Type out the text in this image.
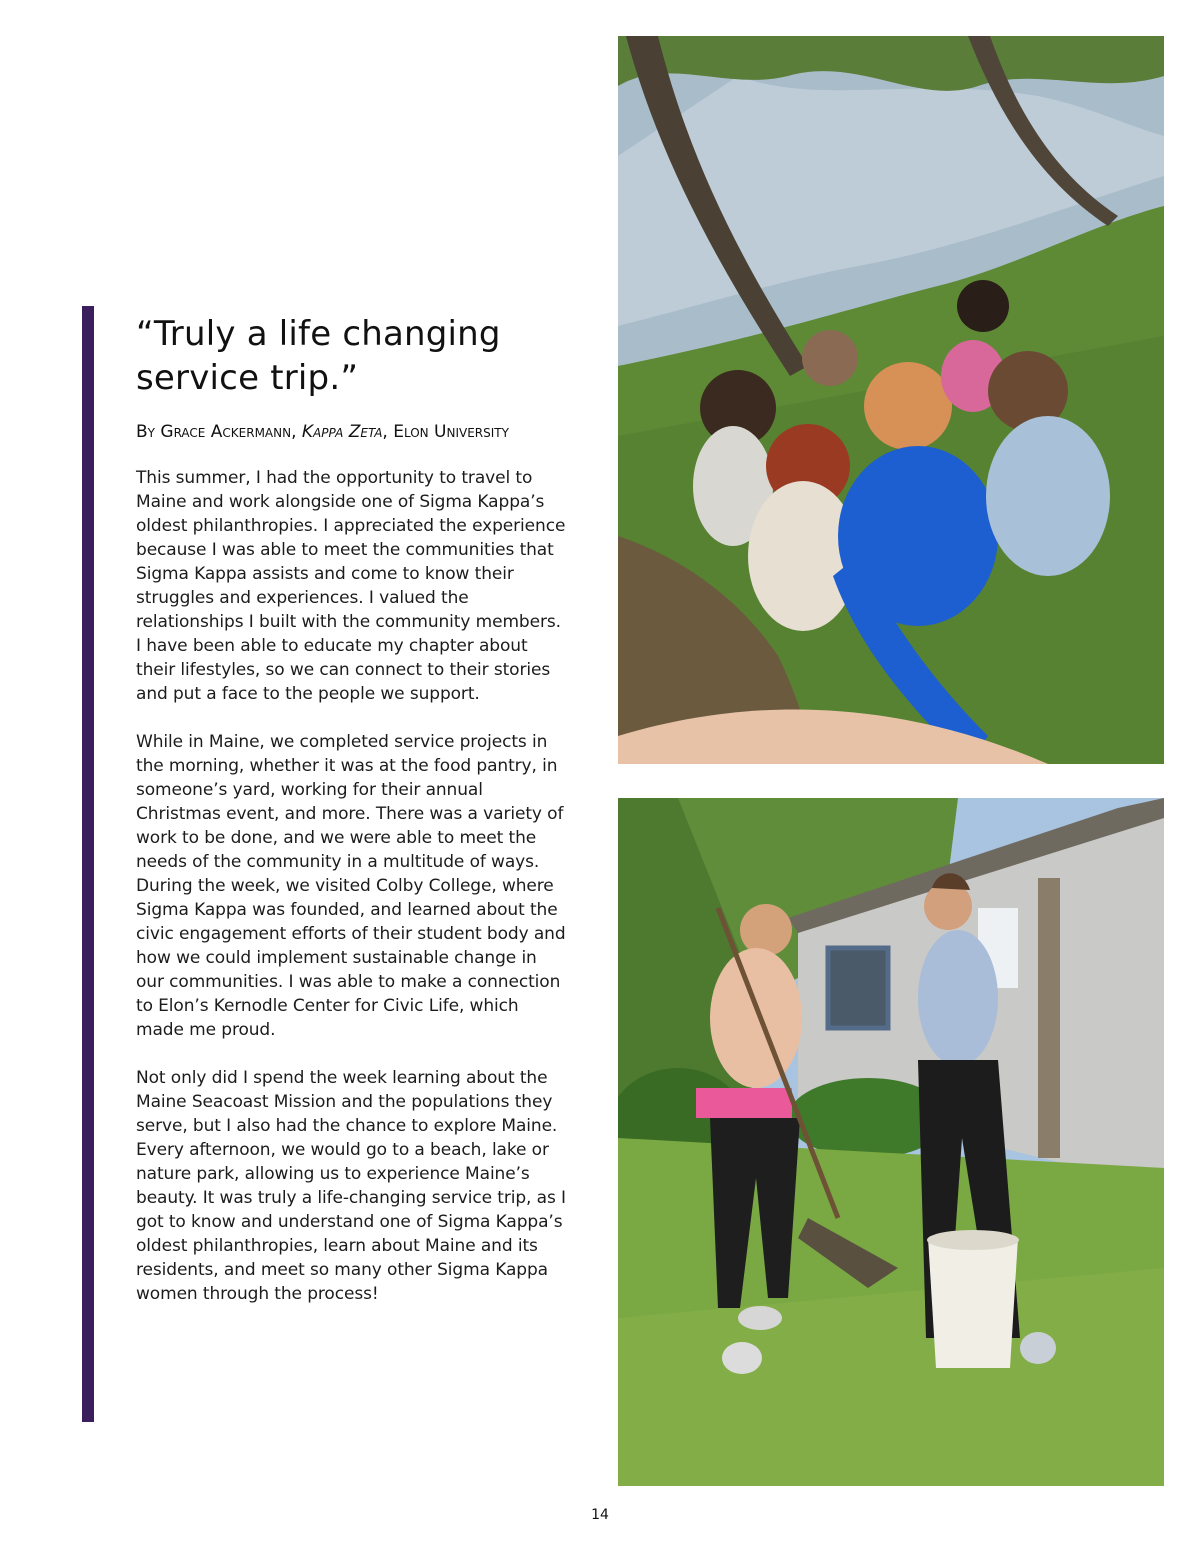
“Truly a life changing service trip.”

By Grace Ackermann, Kappa Zeta, Elon University

This summer, I had the opportunity to travel to Maine and work alongside one of Sigma Kappa’s oldest philanthropies. I appreciated the experience because I was able to meet the communities that Sigma Kappa assists and come to know their struggles and experiences. I valued the relationships I built with the community members. I have been able to educate my chapter about their lifestyles, so we can connect to their stories and put a face to the people we support.

While in Maine, we completed service projects in the morning, whether it was at the food pantry, in someone’s yard, working for their annual Christmas event, and more. There was a variety of work to be done, and we were able to meet the needs of the community in a multitude of ways. During the week, we visited Colby College, where Sigma Kappa was founded, and learned about the civic engagement efforts of their student body and how we could implement sustainable change in our communities. I was able to make a connection to Elon’s Kernodle Center for Civic Life, which made me proud.

Not only did I spend the week learning about the Maine Seacoast Mission and the populations they serve, but I also had the chance to explore Maine. Every afternoon, we would go to a beach, lake or nature park, allowing us to experience Maine’s beauty. It was truly a life-changing service trip, as I got to know and understand one of Sigma Kappa’s oldest philanthropies, learn about Maine and its residents, and meet so many other Sigma Kappa women through the process!

14
